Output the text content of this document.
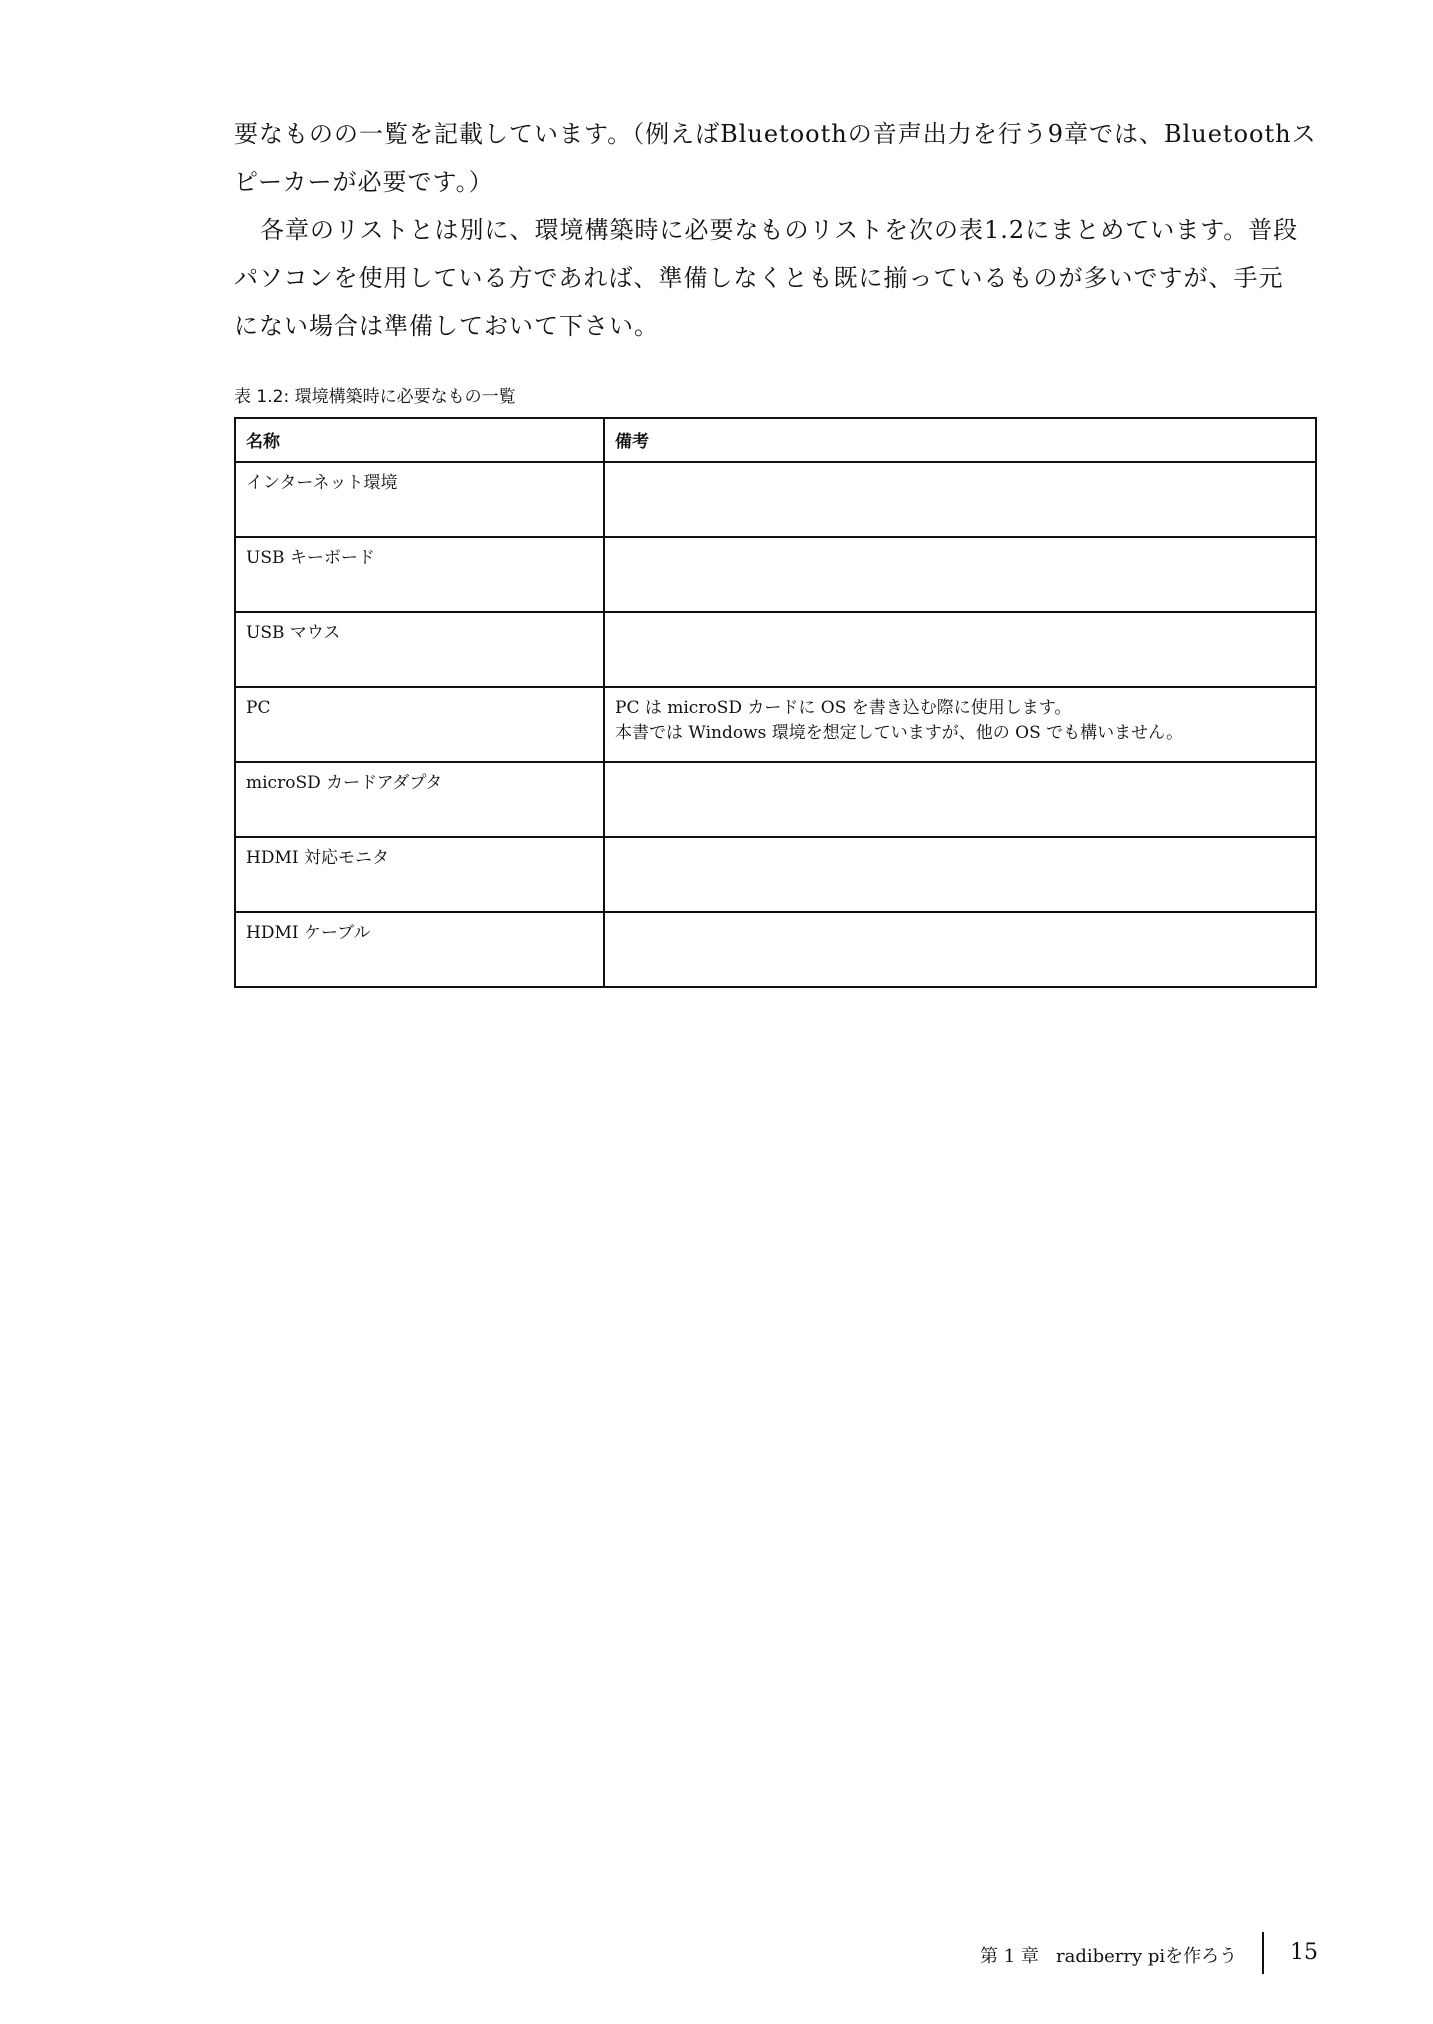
要なものの一覧を記載しています。（例えばBluetoothの音声出力を行う9章では、Bluetoothス
ピーカーが必要です。）

各章のリストとは別に、環境構築時に必要なものリストを次の表1.2にまとめています。普段
パソコンを使用している方であれば、準備しなくとも既に揃っているものが多いですが、手元
にない場合は準備しておいて下さい。

表 1.2: 環境構築時に必要なもの一覧

名称	備考
インターネット環境	
USB キーボード	
USB マウス	
PC	PC は microSD カードに OS を書き込む際に使用します。
本書では Windows 環境を想定していますが、他の OS でも構いません。

microSD カードアダプタ	
HDMI 対応モニタ	
HDMI ケーブル	
第 1 章 radiberry piを作ろう 15
